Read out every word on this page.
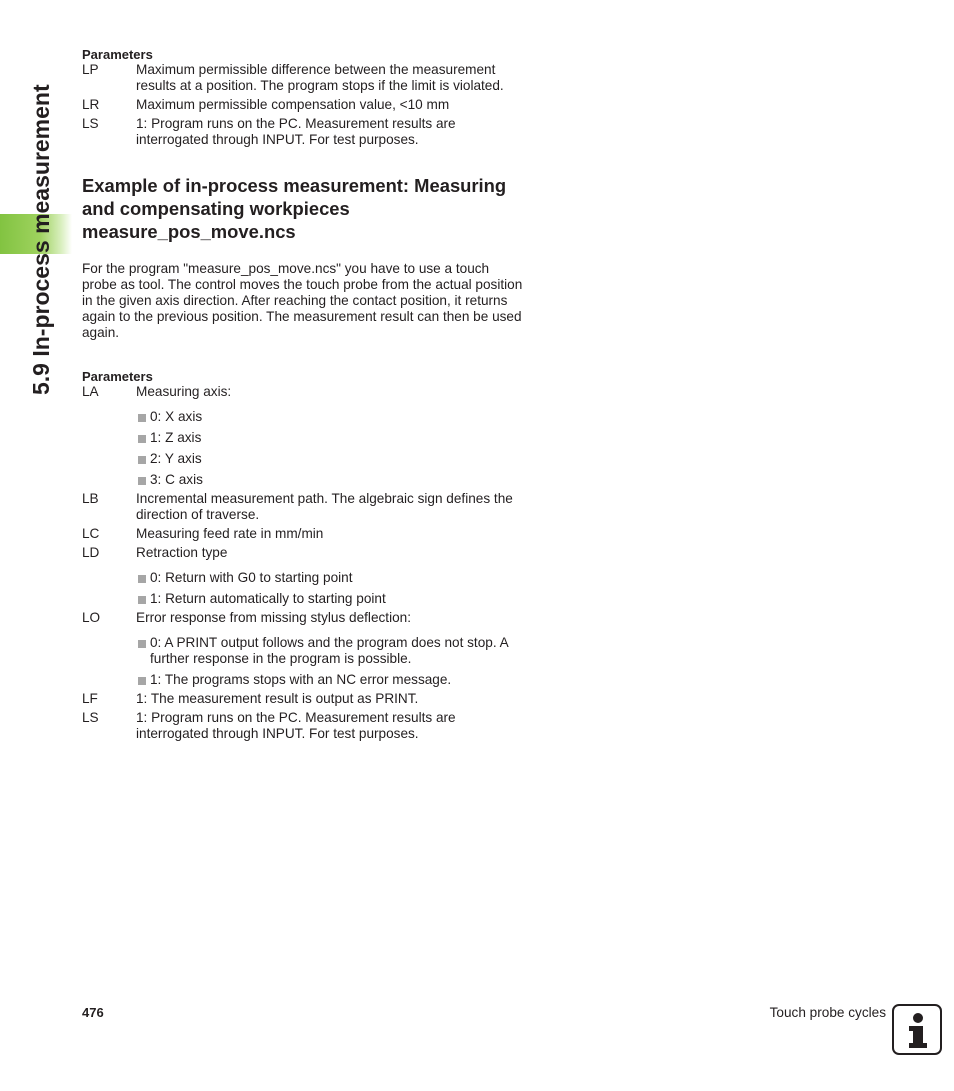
5.9 In-process measurement
Parameters
LP	Maximum permissible difference between the measurement results at a position. The program stops if the limit is violated.
LR	Maximum permissible compensation value, <10 mm
LS	1: Program runs on the PC. Measurement results are interrogated through INPUT. For test purposes.
Example of in-process measurement: Measuring and compensating workpieces measure_pos_move.ncs
For the program "measure_pos_move.ncs" you have to use a touch probe as tool. The control moves the touch probe from the actual position in the given axis direction. After reaching the contact position, it returns again to the previous position. The measurement result can then be used again.
Parameters
LA	Measuring axis:
0: X axis
1: Z axis
2: Y axis
3: C axis
LB	Incremental measurement path. The algebraic sign defines the direction of traverse.
LC	Measuring feed rate in mm/min
LD	Retraction type
0: Return with G0 to starting point
1: Return automatically to starting point
LO	Error response from missing stylus deflection:
0: A PRINT output follows and the program does not stop. A further response in the program is possible.
1: The programs stops with an NC error message.
LF	1: The measurement result is output as PRINT.
LS	1: Program runs on the PC. Measurement results are interrogated through INPUT. For test purposes.
476	Touch probe cycles
